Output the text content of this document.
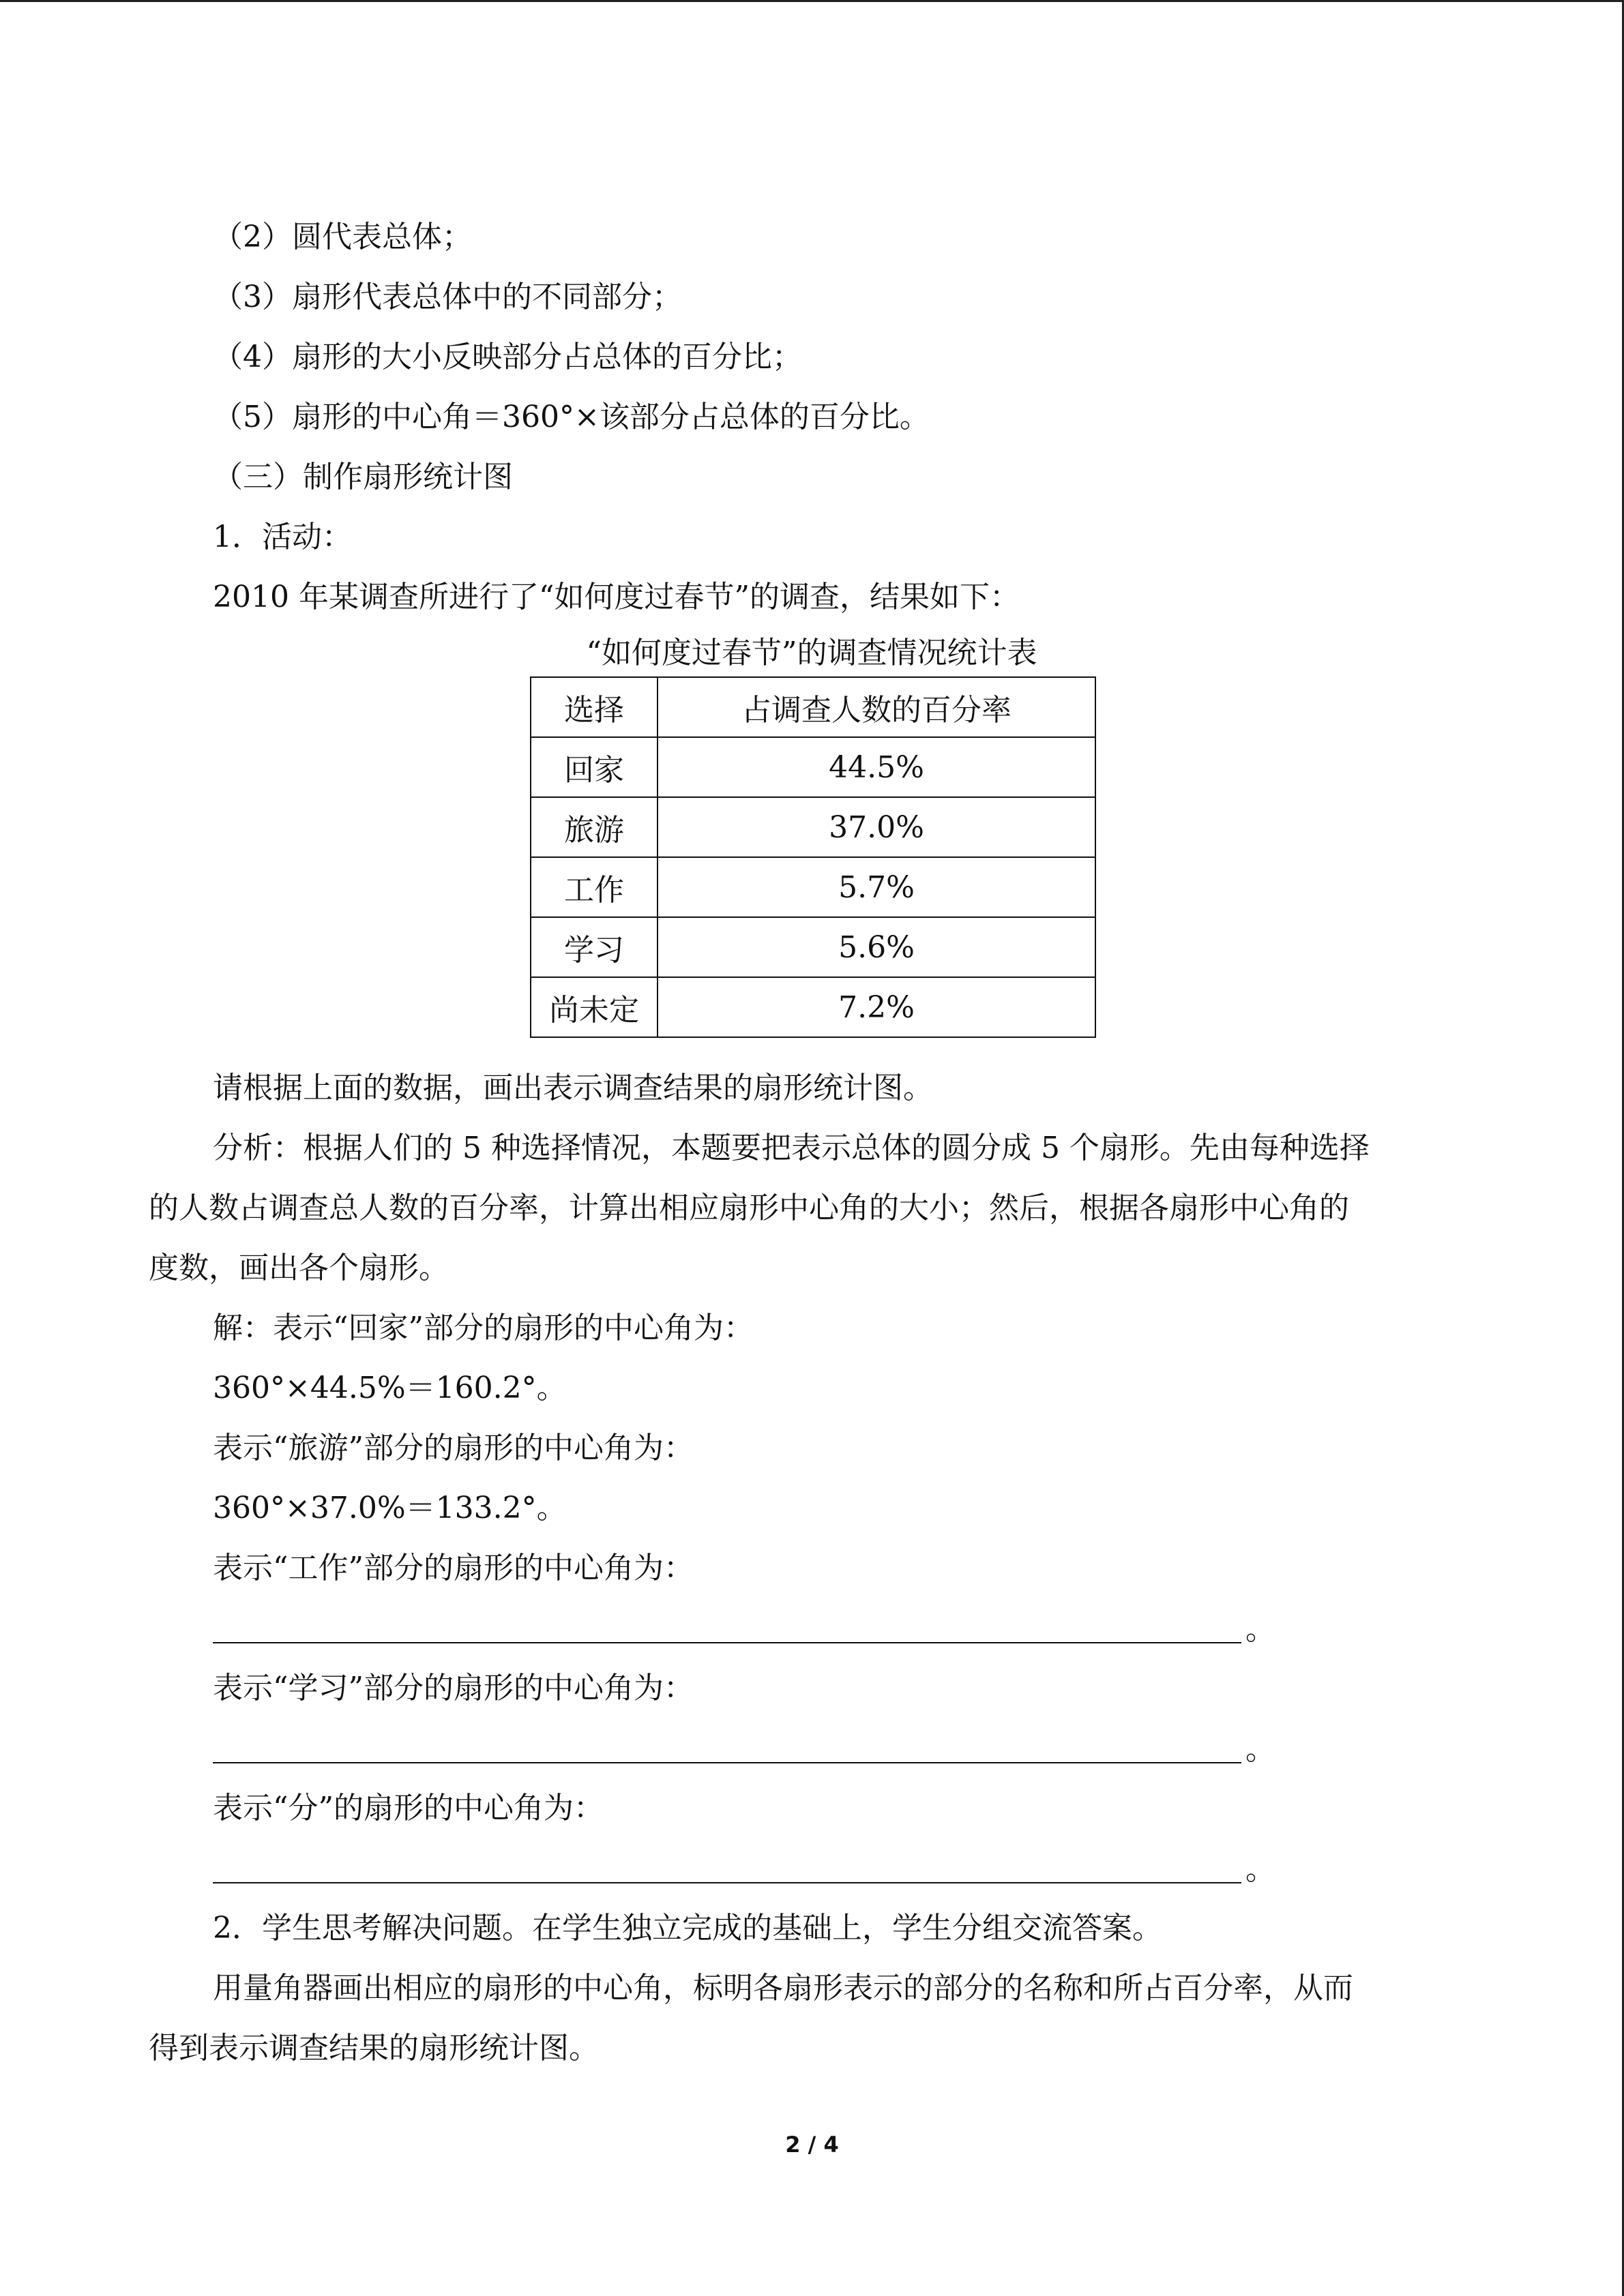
（2）圆代表总体；
（3）扇形代表总体中的不同部分；
（4）扇形的大小反映部分占总体的百分比；
（5）扇形的中心角＝360°×该部分占总体的百分比。
（三）制作扇形统计图
1．活动：
2010 年某调查所进行了“如何度过春节”的调查，结果如下：
“如何度过春节”的调查情况统计表
选择	占调查人数的百分率
回家	44.5%
旅游	37.0%
工作	5.7%
学习	5.6%
尚未定	7.2%
请根据上面的数据，画出表示调查结果的扇形统计图。
分析：根据人们的 5 种选择情况，本题要把表示总体的圆分成 5 个扇形。先由每种选择
的人数占调查总人数的百分率，计算出相应扇形中心角的大小；然后，根据各扇形中心角的
度数，画出各个扇形。
解：表示“回家”部分的扇形的中心角为：
360°×44.5%＝160.2°。
表示“旅游”部分的扇形的中心角为：
360°×37.0%＝133.2°。
表示“工作”部分的扇形的中心角为：
。
表示“学习”部分的扇形的中心角为：
。
表示“分”的扇形的中心角为：
。
2．学生思考解决问题。在学生独立完成的基础上，学生分组交流答案。
用量角器画出相应的扇形的中心角，标明各扇形表示的部分的名称和所占百分率，从而
得到表示调查结果的扇形统计图。
2 / 4
